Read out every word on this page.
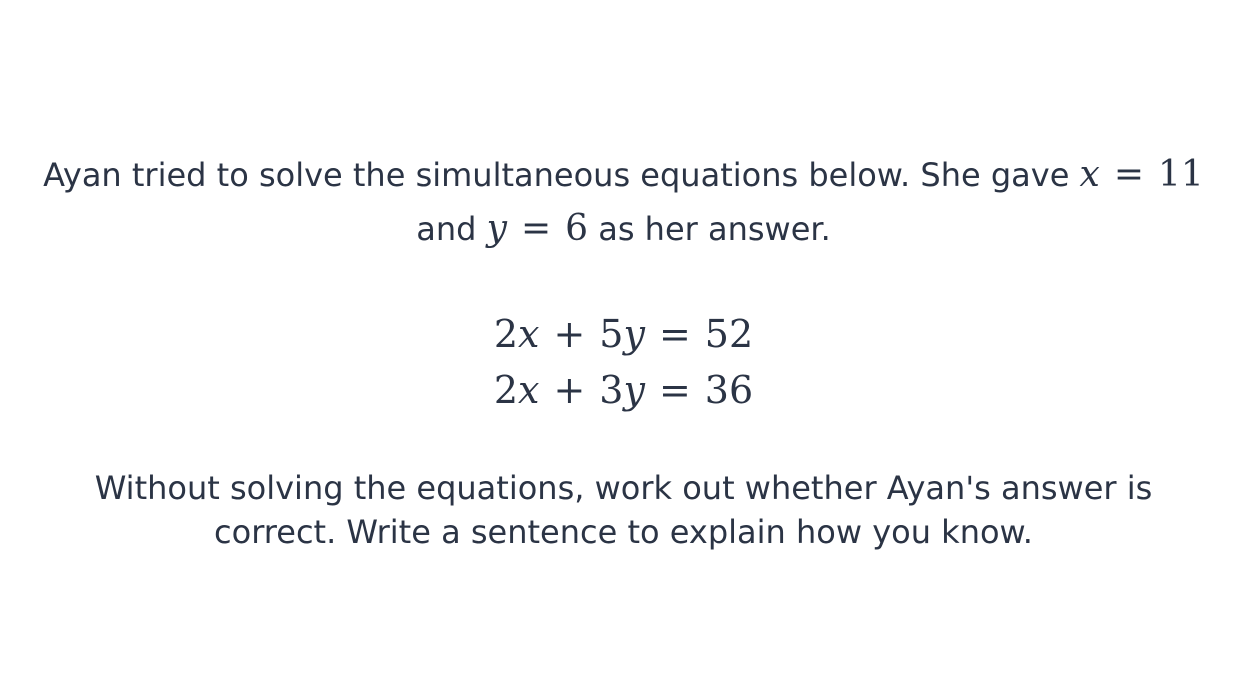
Ayan tried to solve the simultaneous equations below. She gave x = 11
and y = 6 as her answer.

2x + 5y = 52
2x + 3y = 36

Without solving the equations, work out whether Ayan's answer is
correct. Write a sentence to explain how you know.
